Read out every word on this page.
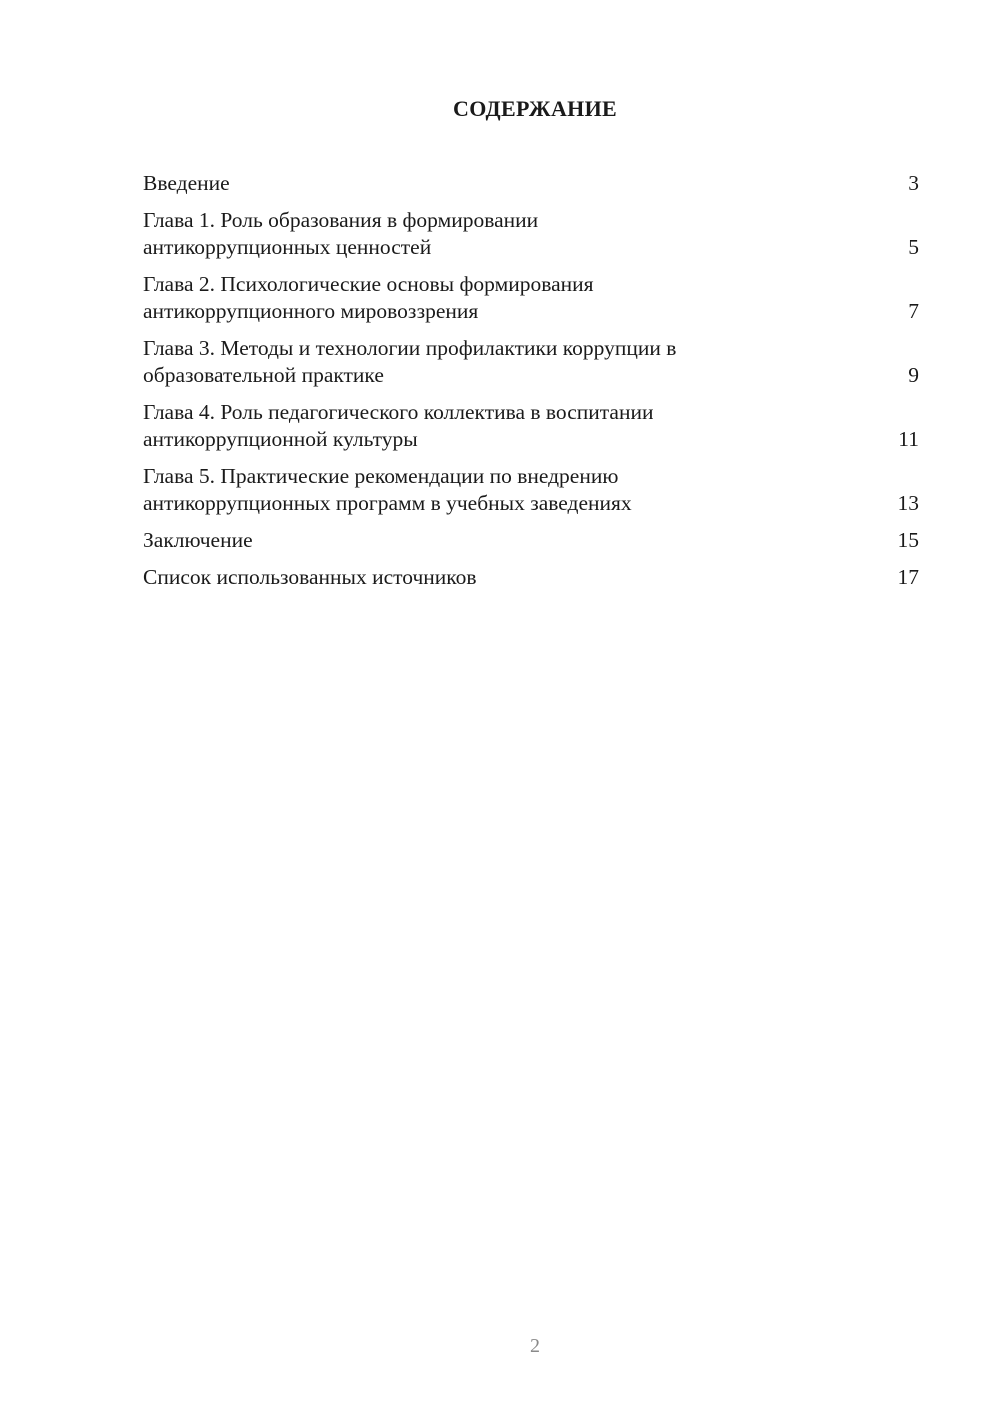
СОДЕРЖАНИЕ
Введение	3
Глава 1. Роль образования в формировании
антикоррупционных ценностей	5
Глава 2. Психологические основы формирования
антикоррупционного мировоззрения	7
Глава 3. Методы и технологии профилактики коррупции в
образовательной практике	9
Глава 4. Роль педагогического коллектива в воспитании
антикоррупционной культуры	11
Глава 5. Практические рекомендации по внедрению
антикоррупционных программ в учебных заведениях	13
Заключение	15
Список использованных источников	17
2
